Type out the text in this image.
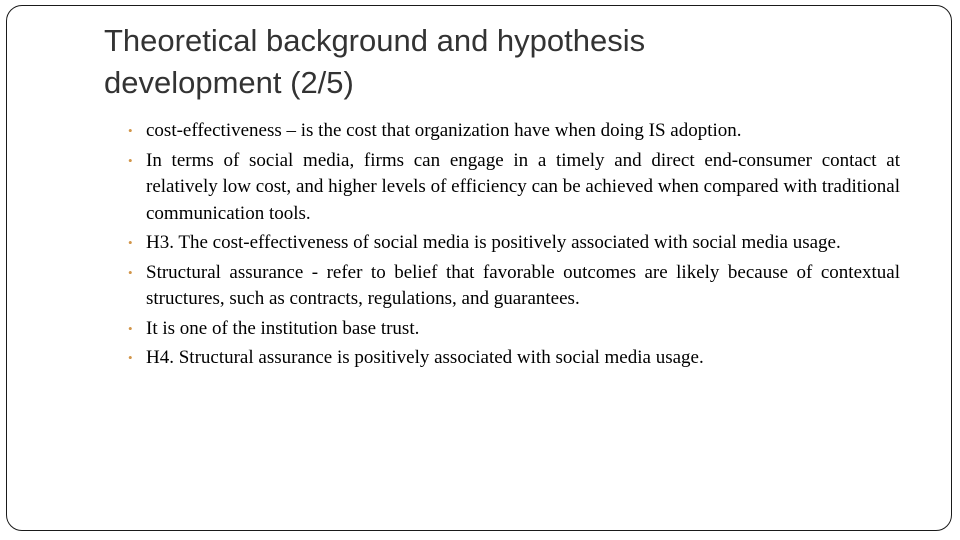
Theoretical background and hypothesis
development (2/5)
• cost-effectiveness – is the cost that organization have when doing IS adoption.
• In terms of social media, firms can engage in a timely and direct end-consumer contact at relatively low cost, and higher levels of efficiency can be achieved when compared with traditional communication tools.
• H3. The cost-effectiveness of social media is positively associated with social media usage.
• Structural assurance - refer to belief that favorable outcomes are likely because of contextual structures, such as contracts, regulations, and guarantees.
• It is one of the institution base trust.
• H4. Structural assurance is positively associated with social media usage.
